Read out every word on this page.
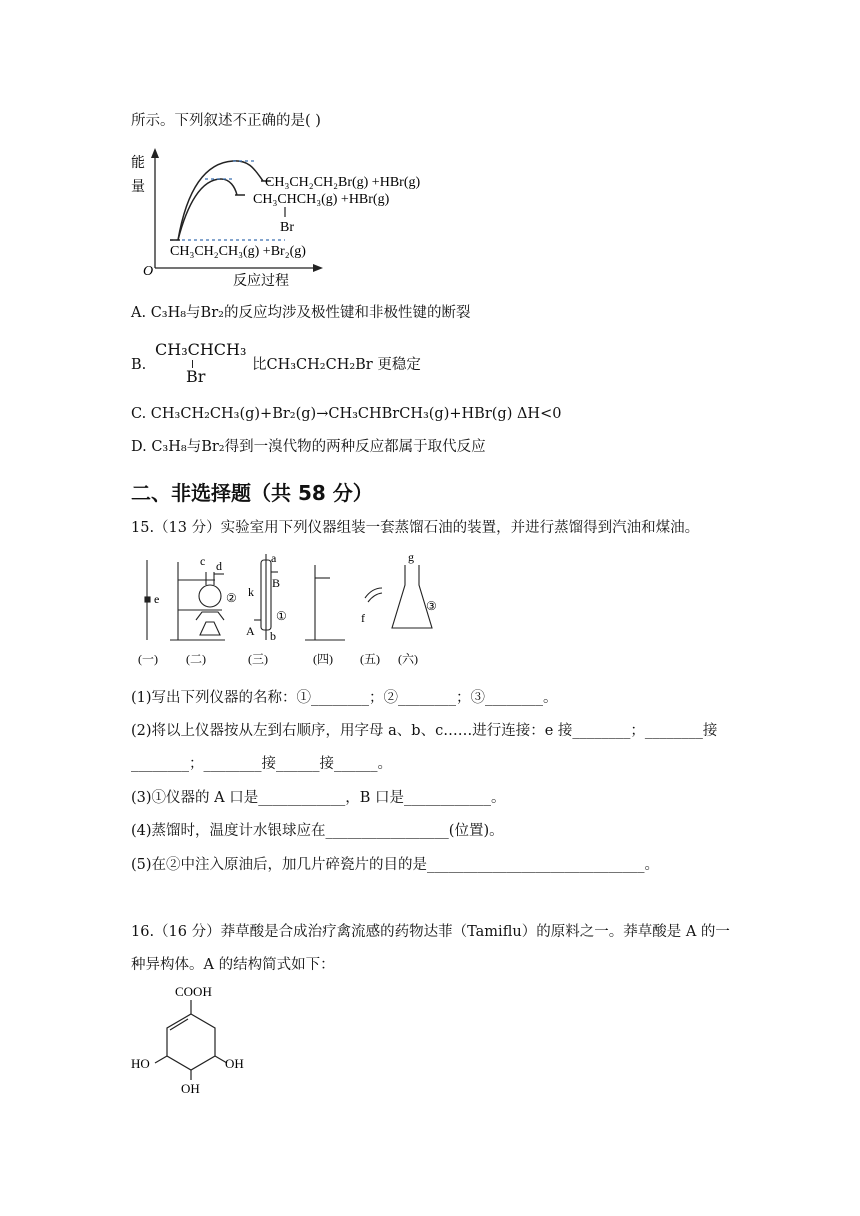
所示。下列叙述不正确的是( )
能
量
O
反应过程
CH₃CH₂CH₂Br(g) +HBr(g)
CH₃CHCH₃(g) +HBr(g)
Br
CH₃CH₂CH₃(g) +Br₂(g)
A. C₃H₈与Br₂的反应均涉及极性键和非极性键的断裂
B.
CH₃CHCH₃
Br
比CH₃CH₂CH₂Br 更稳定
C. CH₃CH₂CH₃(g)+Br₂(g)→CH₃CHBrCH₃(g)+HBr(g) ΔH<0
D. C₃H₈与Br₂得到一溴代物的两种反应都属于取代反应
二、非选择题（共 58 分）
15.（13 分）实验室用下列仪器组装一套蒸馏石油的装置，并进行蒸馏得到汽油和煤油。
e
c d
②
a
B
k
①
A b
f
g
③
(一) (二)	(三)	(四) (五) (六)
(1)写出下列仪器的名称：①________；②________；③________。
(2)将以上仪器按从左到右顺序，用字母 a、b、c……进行连接：e 接________；________接
________；________接______接______。
(3)①仪器的 A 口是____________，B 口是____________。
(4)蒸馏时，温度计水银球应在_________________(位置)。
(5)在②中注入原油后，加几片碎瓷片的目的是______________________________。
16.（16 分）莽草酸是合成治疗禽流感的药物达菲（Tamiflu）的原料之一。莽草酸是 A 的一
种异构体。A 的结构简式如下：
COOH
HO	OH
OH
